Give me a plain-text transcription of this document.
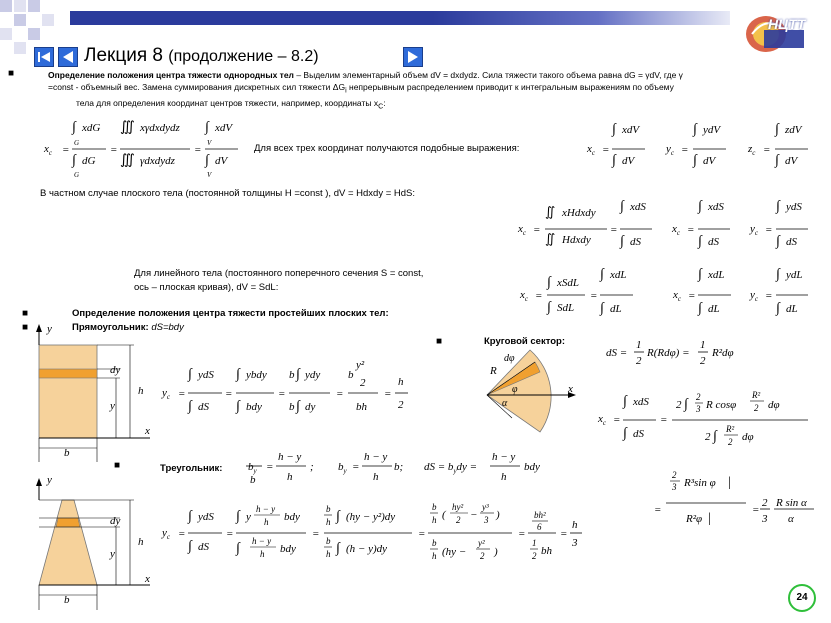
НЦТТ
Лекция 8 (продолжение – 8.2)
■	Определение положения центра тяжести однородных тел – Выделим элементарный объем dV = dxdydz. Сила тяжести такого объема равна dG = γdV, где γ
=const - объемный вес. Замена суммирования дискретных сил тяжести $\Delta G_i$ непрерывным распределением приводит к интегральным выражениям по объему
тела для определения координат центров тяжести, например, координаты $x_C$:
$x_c$ =
∫ xdG
G
∫ dG
G
=
∭ xγdxdydz
∭ γdxdydz
=
∫ xdV
V
∫ dV
V
$x_c$ =
∫ xdV
∫ dV
$y_c$ =
∫ ydV
∫ dV
$z_c$ =
∫ zdV
∫ dV
$x_c$ =
∬ xHdxdy
∬ Hdxdy
=
∫ xdS
∫ dS
$x_c$ =
∫ xdS
∫ dS
$y_c$ =
∫ ydS
∫ dS
$x_c$ =
∫ xSdL
∫ SdL
=
∫ xdL
∫ dL
$x_c$ =
∫ xdL
∫ dL
$y_c$ =
∫ ydL
∫ dL
$y_c$ =
∫ ydS
∫ dS
=
∫ ybdy
∫ bdy
=
b ∫ ydy
b ∫ dy
=
b
y²
2
bh
=
h
2
dS =
1
2
R(Rdφ) =
1
2
R²dφ
$x_c$ =
∫ xdS
∫ dS
=
2 ∫ 2
3 R cosφ
R²
2 dφ
2 ∫ R²
2 dφ
=
2
3 R³sin φ |
R²φ |
=
2
3
R sin α
α
$b_y$
b
=
h − y
h
; $b_y$ =
h − y
h
b; dS = $b_ydy$ =
h − y
h
bdy
$y_c$ =
∫ ydS
∫ dS
=
∫ y
h − y
h bdy
∫ h − y
h bdy
=
b
h ∫ (hy − y²)dy
b
h ∫ (h − y)dy
=
b
h (
hy²
2 −
y³
3 )
b
h (hy −
y²
2 )
=
bh²
6
1
2 bh
=
h
3
Для всех трех координат получаются подобные выражения:
В частном случае плоского тела (постоянной толщины H =const ), dV = Hdxdy = HdS:
Для линейного тела (постоянного поперечного сечения S = const,
ось – плоская кривая), dV = SdL:
■	Определение положения центра тяжести простейших плоских тел:
■	Прямоугольник: dS=bdy
■	Круговой сектор:
■	Треугольник:
y
x
dy
h
y
b
y
x
dy
h
y
b
R
dφ
φ
α
x
24
